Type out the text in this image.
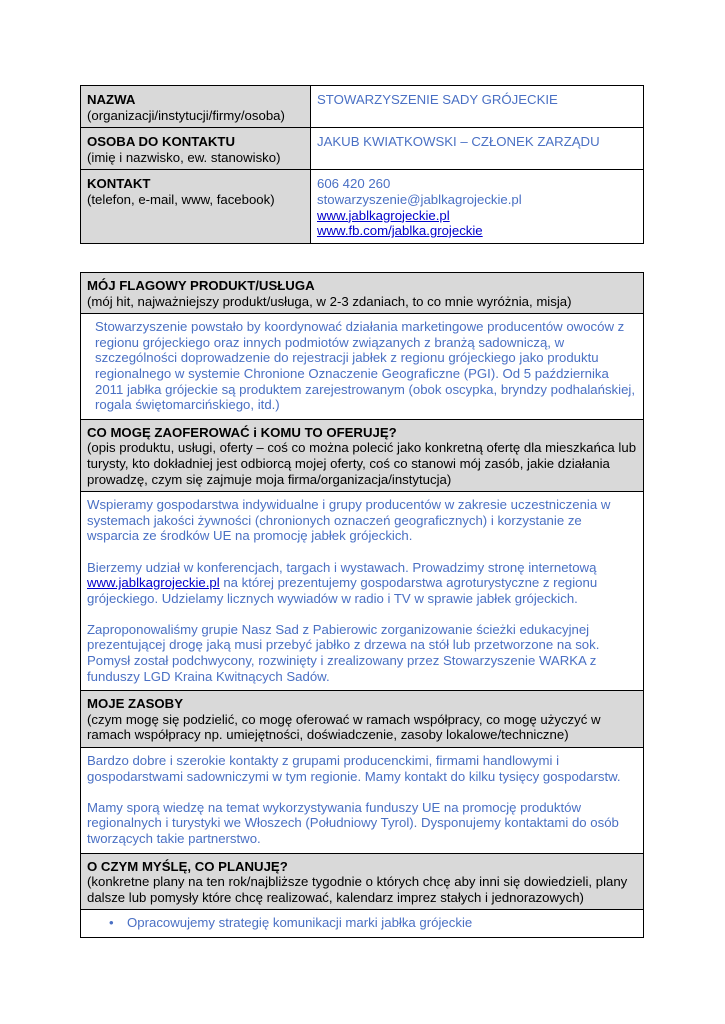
NAZWA
(organizacji/instytucji/firmy/osoba)
STOWARZYSZENIE SADY GRÓJECKIE
OSOBA DO KONTAKTU
(imię i nazwisko, ew. stanowisko)
JAKUB KWIATKOWSKI – CZŁONEK ZARZĄDU
KONTAKT
(telefon, e-mail, www, facebook)
606 420 260
stowarzyszenie@jablkagrojeckie.pl
www.jablkagrojeckie.pl
www.fb.com/jablka.grojeckie
MÓJ FLAGOWY PRODUKT/USŁUGA
(mój hit, najważniejszy produkt/usługa, w 2-3 zdaniach, to co mnie wyróżnia, misja)

Stowarzyszenie powstało by koordynować działania marketingowe producentów owoców z regionu grójeckiego oraz innych podmiotów związanych z branżą sadowniczą, w szczególności doprowadzenie do rejestracji jabłek z regionu grójeckiego jako produktu regionalnego w systemie Chronione Oznaczenie Geograficzne (PGI). Od 5 października 2011 jabłka grójeckie są produktem zarejestrowanym (obok oscypka, bryndzy podhalańskiej, rogala świętomarcińskiego, itd.)

CO MOGĘ ZAOFEROWAĆ i KOMU TO OFERUJĘ?
(opis produktu, usługi, oferty – coś co można polecić jako konkretną ofertę dla mieszkańca lub turysty, kto dokładniej jest odbiorcą mojej oferty, coś co stanowi mój zasób, jakie działania prowadzę, czym się zajmuje moja firma/organizacja/instytucja)

Wspieramy gospodarstwa indywidualne i grupy producentów w zakresie uczestniczenia w systemach jakości żywności (chronionych oznaczeń geograficznych) i korzystanie ze wsparcia ze środków UE na promocję jabłek grójeckich.

Bierzemy udział w konferencjach, targach i wystawach. Prowadzimy stronę internetową www.jablkagrojeckie.pl na której prezentujemy gospodarstwa agroturystyczne z regionu grójeckiego. Udzielamy licznych wywiadów w radio i TV w sprawie jabłek grójeckich.

Zaproponowaliśmy grupie Nasz Sad z Pabierowic zorganizowanie ścieżki edukacyjnej prezentującej drogę jaką musi przebyć jabłko z drzewa na stół lub przetworzone na sok. Pomysł został podchwycony, rozwinięty i zrealizowany przez Stowarzyszenie WARKA z funduszy LGD Kraina Kwitnących Sadów.

MOJE ZASOBY
(czym mogę się podzielić, co mogę oferować w ramach współpracy, co mogę użyczyć w ramach współpracy np. umiejętności, doświadczenie, zasoby lokalowe/techniczne)

Bardzo dobre i szerokie kontakty z grupami producenckimi, firmami handlowymi i gospodarstwami sadowniczymi w tym regionie. Mamy kontakt do kilku tysięcy gospodarstw.

Mamy sporą wiedzę na temat wykorzystywania funduszy UE na promocję produktów regionalnych i turystyki we Włoszech (Południowy Tyrol). Dysponujemy kontaktami do osób tworzących takie partnerstwo.

O CZYM MYŚLĘ, CO PLANUJĘ?
(konkretne plany na ten rok/najbliższe tygodnie o których chcę aby inni się dowiedzieli, plany dalsze lub pomysły które chcę realizować, kalendarz imprez stałych i jednorazowych)
•	Opracowujemy strategię komunikacji marki jabłka grójeckie
